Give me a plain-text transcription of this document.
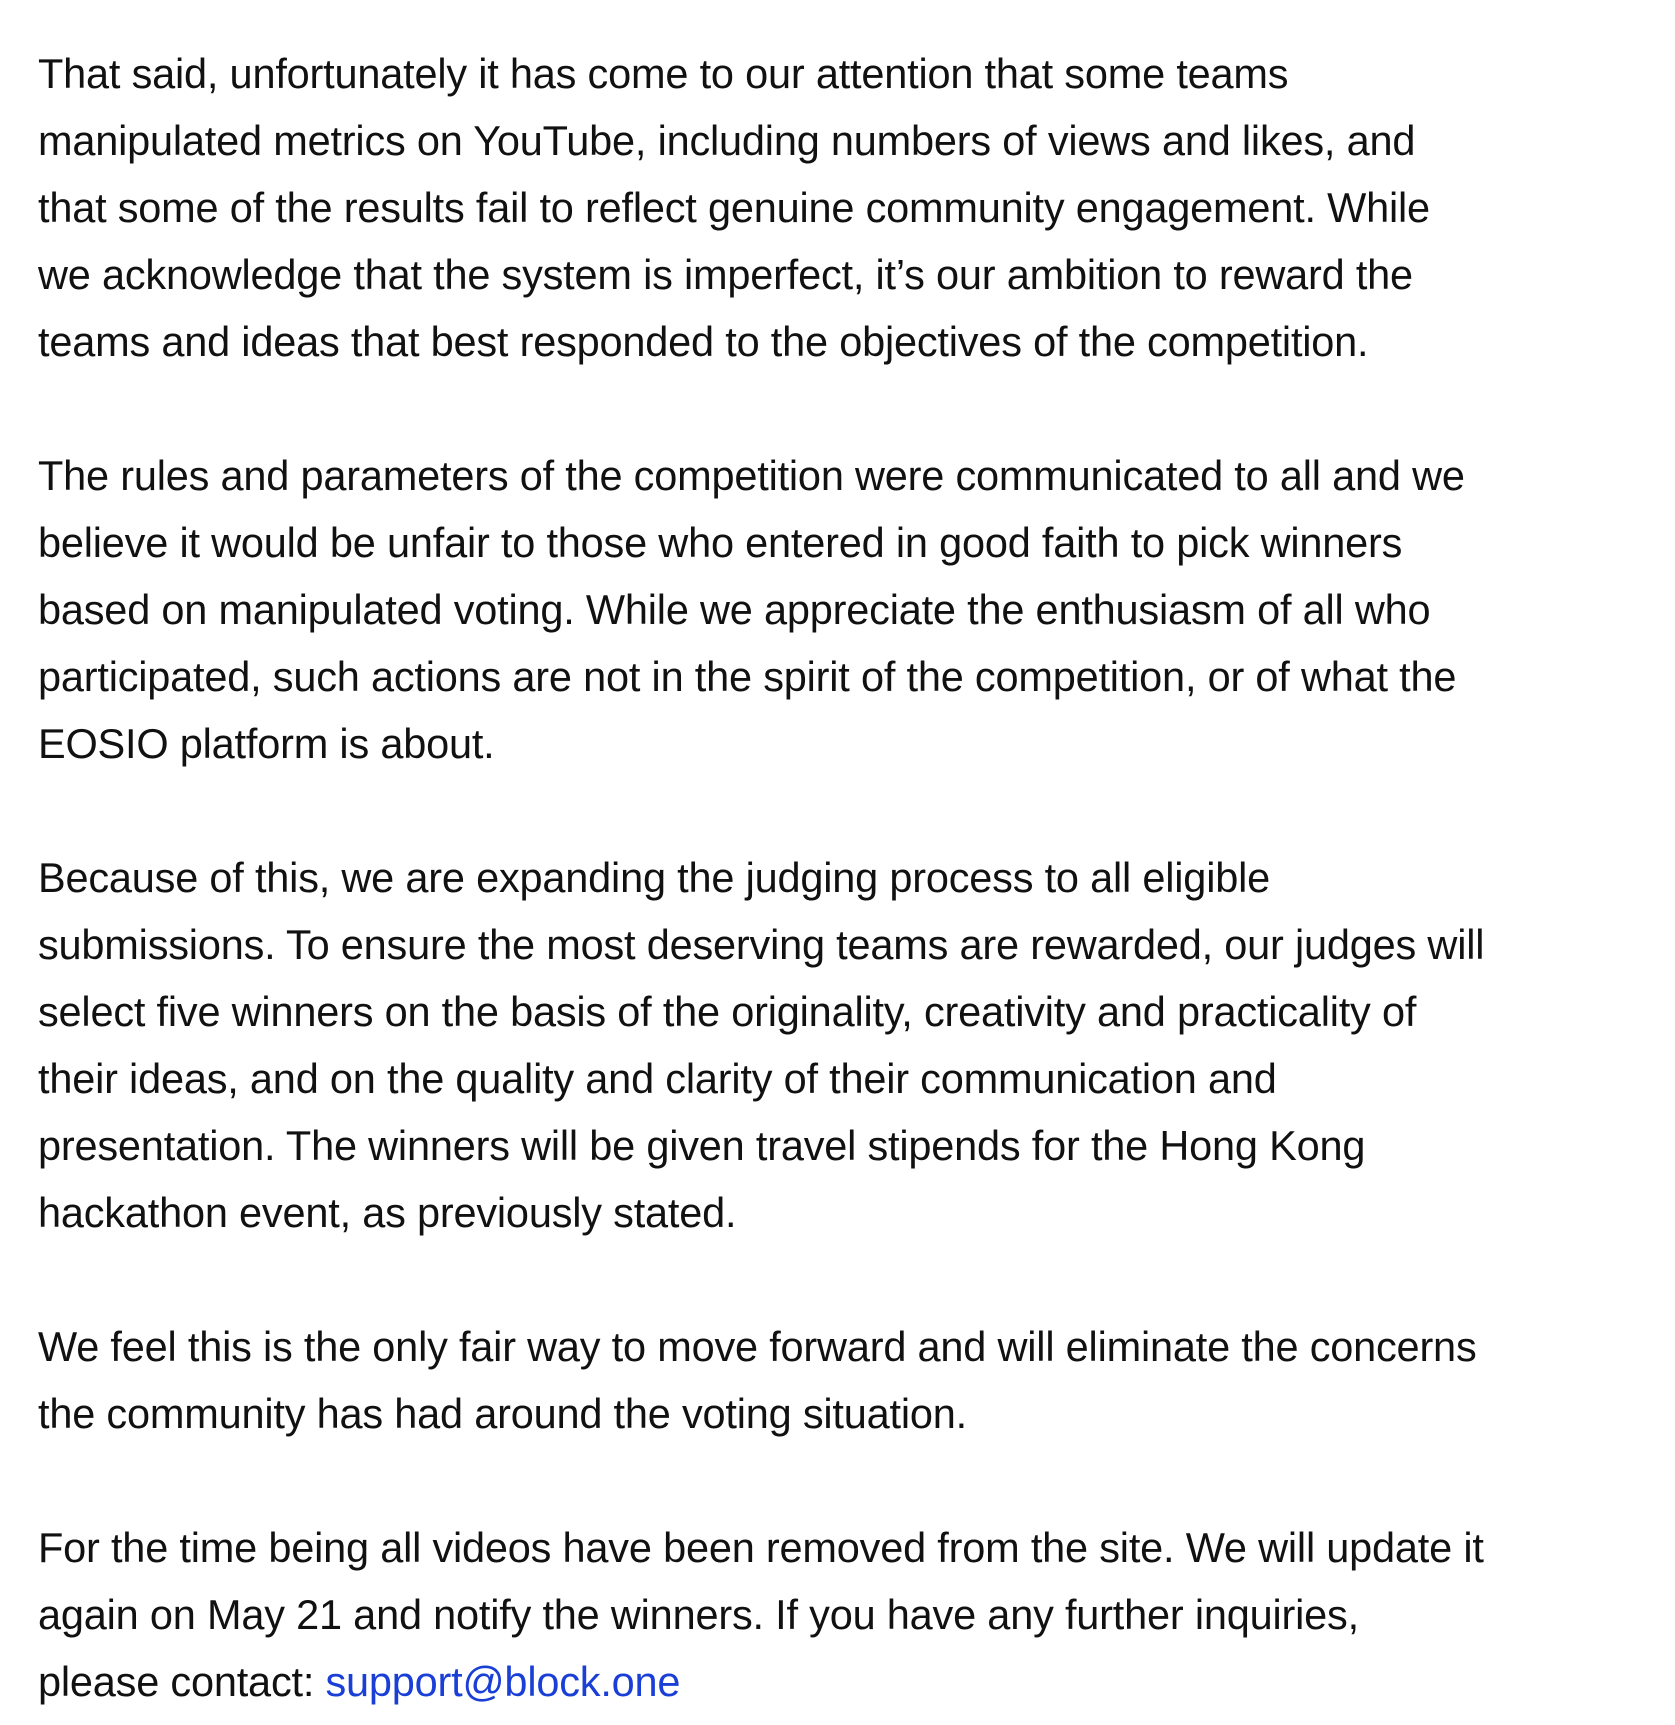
That said, unfortunately it has come to our attention that some teams
manipulated metrics on YouTube, including numbers of views and likes, and
that some of the results fail to reflect genuine community engagement. While
we acknowledge that the system is imperfect, it’s our ambition to reward the
teams and ideas that best responded to the objectives of the competition.

The rules and parameters of the competition were communicated to all and we
believe it would be unfair to those who entered in good faith to pick winners
based on manipulated voting. While we appreciate the enthusiasm of all who
participated, such actions are not in the spirit of the competition, or of what the
EOSIO platform is about.

Because of this, we are expanding the judging process to all eligible
submissions. To ensure the most deserving teams are rewarded, our judges will
select five winners on the basis of the originality, creativity and practicality of
their ideas, and on the quality and clarity of their communication and
presentation. The winners will be given travel stipends for the Hong Kong
hackathon event, as previously stated.

We feel this is the only fair way to move forward and will eliminate the concerns
the community has had around the voting situation.

For the time being all videos have been removed from the site. We will update it
again on May 21 and notify the winners. If you have any further inquiries,
please contact: support@block.one
